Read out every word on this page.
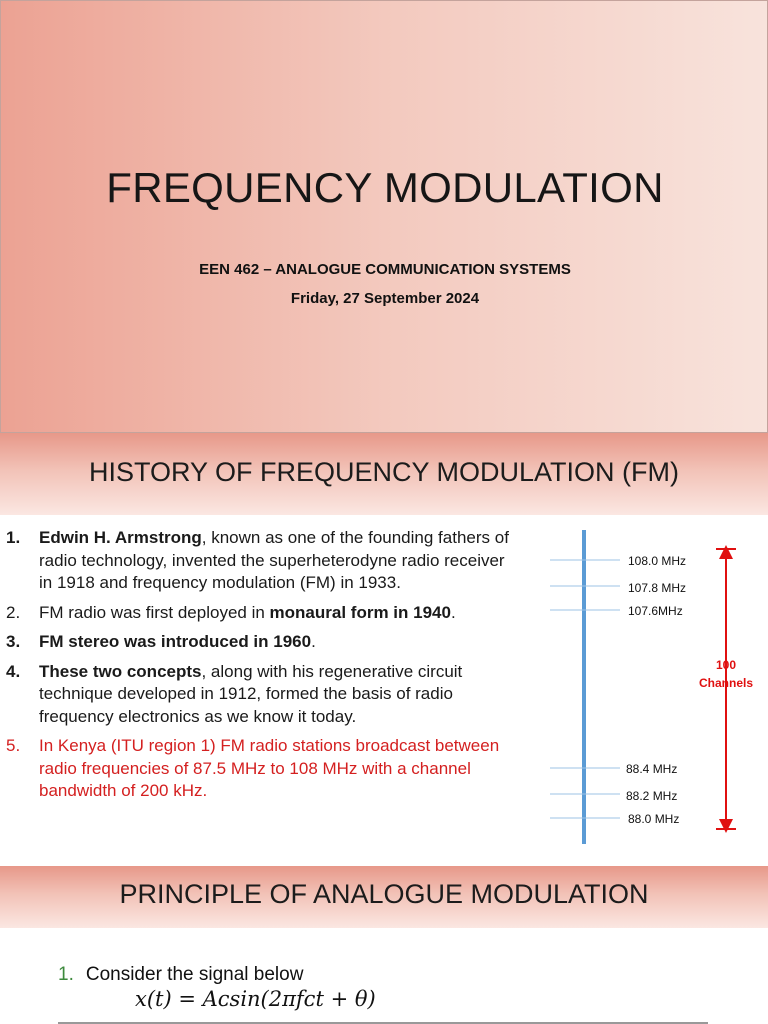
FREQUENCY MODULATION
EEN 462 – ANALOGUE COMMUNICATION SYSTEMS
Friday, 27 September 2024
HISTORY OF FREQUENCY MODULATION (FM)
1. Edwin H. Armstrong, known as one of the founding fathers of radio technology, invented the superheterodyne radio receiver in 1918 and frequency modulation (FM) in 1933.
2. FM radio was first deployed in monaural form in 1940.
3. FM stereo was introduced in 1960.
4. These two concepts, along with his regenerative circuit technique developed in 1912, formed the basis of radio frequency electronics as we know it today.
5. In Kenya (ITU region 1) FM radio stations broadcast between radio frequencies of 87.5 MHz to 108 MHz with a channel bandwidth of 200 kHz.
108.0 MHz
107.8 MHz
107.6MHz
88.4 MHz
88.2 MHz
88.0 MHz
100
Channels
PRINCIPLE OF ANALOGUE MODULATION
1. Consider the signal below
x(t) = Aᴄsin(2πfᴄt + θ)
